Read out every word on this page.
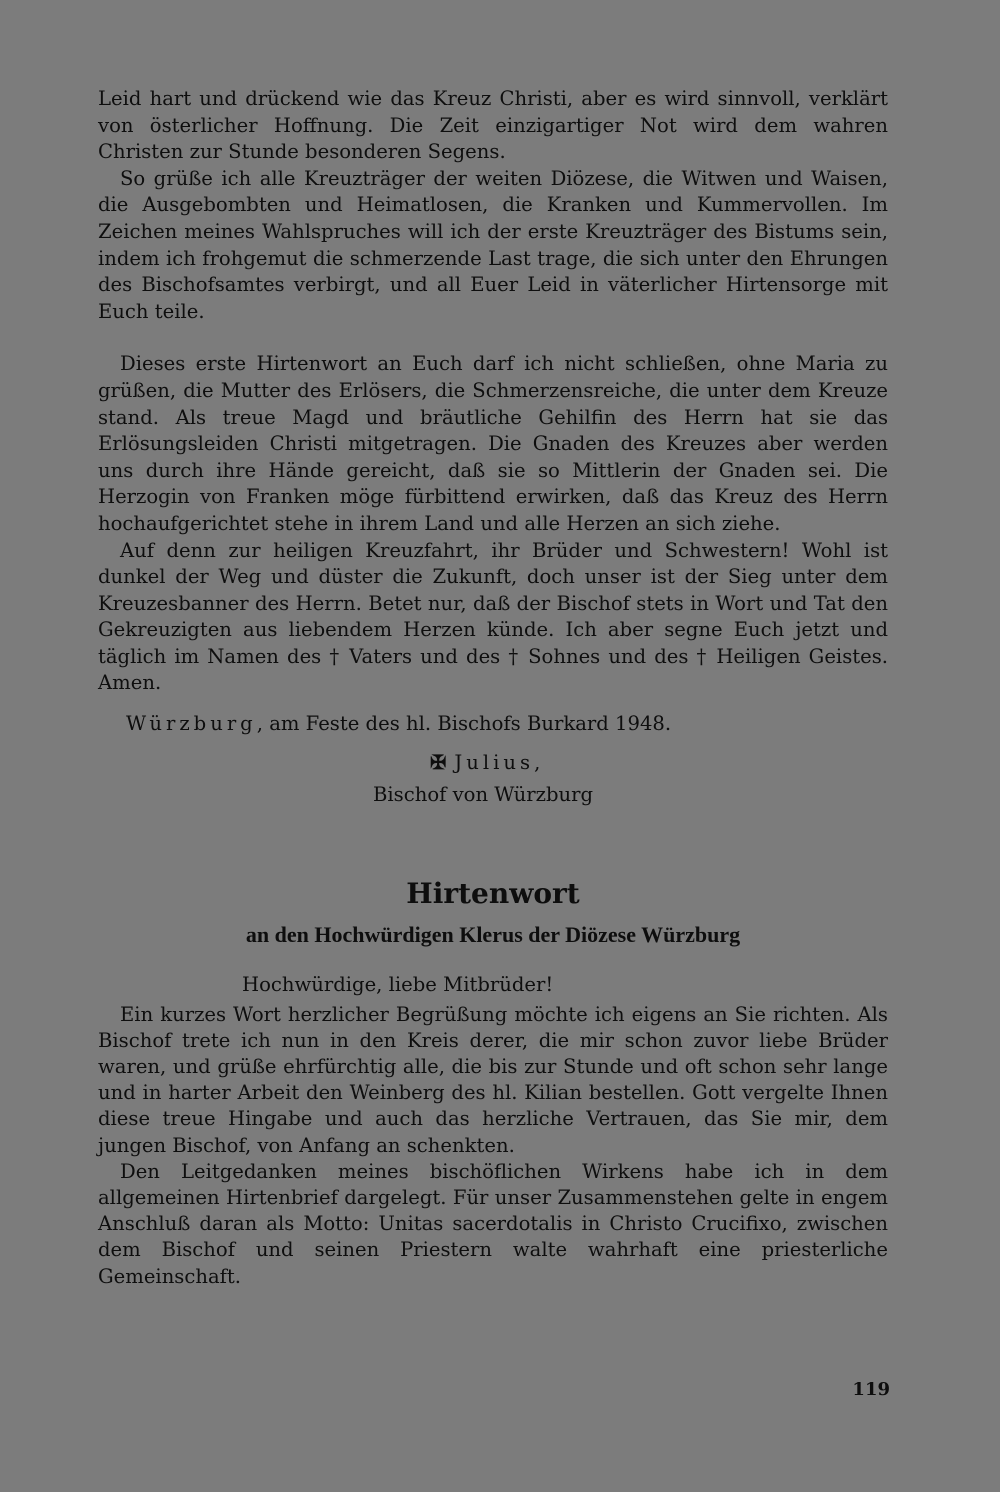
Leid hart und drückend wie das Kreuz Christi, aber es wird sinnvoll, verklärt von österlicher Hoffnung. Die Zeit einzigartiger Not wird dem wahren Christen zur Stunde besonderen Segens.

So grüße ich alle Kreuzträger der weiten Diözese, die Witwen und Waisen, die Ausgebombten und Heimatlosen, die Kranken und Kummervollen. Im Zeichen meines Wahlspruches will ich der erste Kreuzträger des Bistums sein, indem ich frohgemut die schmerzende Last trage, die sich unter den Ehrungen des Bischofsamtes verbirgt, und all Euer Leid in väterlicher Hirtensorge mit Euch teile.

Dieses erste Hirtenwort an Euch darf ich nicht schließen, ohne Maria zu grüßen, die Mutter des Erlösers, die Schmerzensreiche, die unter dem Kreuze stand. Als treue Magd und bräutliche Gehilfin des Herrn hat sie das Erlösungsleiden Christi mitgetragen. Die Gnaden des Kreuzes aber werden uns durch ihre Hände gereicht, daß sie so Mittlerin der Gnaden sei. Die Herzogin von Franken möge fürbittend erwirken, daß das Kreuz des Herrn hochaufgerichtet stehe in ihrem Land und alle Herzen an sich ziehe.

Auf denn zur heiligen Kreuzfahrt, ihr Brüder und Schwestern! Wohl ist dunkel der Weg und düster die Zukunft, doch unser ist der Sieg unter dem Kreuzesbanner des Herrn. Betet nur, daß der Bischof stets in Wort und Tat den Gekreuzigten aus liebendem Herzen künde. Ich aber segne Euch jetzt und täglich im Namen des † Vaters und des † Sohnes und des † Heiligen Geistes. Amen.

Würzburg, am Feste des hl. Bischofs Burkard 1948.

✠ Julius,

Bischof von Würzburg

Hirtenwort
an den Hochwürdigen Klerus der Diözese Würzburg

Hochwürdige, liebe Mitbrüder!

Ein kurzes Wort herzlicher Begrüßung möchte ich eigens an Sie richten. Als Bischof trete ich nun in den Kreis derer, die mir schon zuvor liebe Brüder waren, und grüße ehrfürchtig alle, die bis zur Stunde und oft schon sehr lange und in harter Arbeit den Weinberg des hl. Kilian bestellen. Gott vergelte Ihnen diese treue Hingabe und auch das herzliche Vertrauen, das Sie mir, dem jungen Bischof, von Anfang an schenkten.

Den Leitgedanken meines bischöflichen Wirkens habe ich in dem allgemeinen Hirtenbrief dargelegt. Für unser Zusammenstehen gelte in engem Anschluß daran als Motto: Unitas sacerdotalis in Christo Crucifixo, zwischen dem Bischof und seinen Priestern walte wahrhaft eine priesterliche Gemeinschaft.

119
